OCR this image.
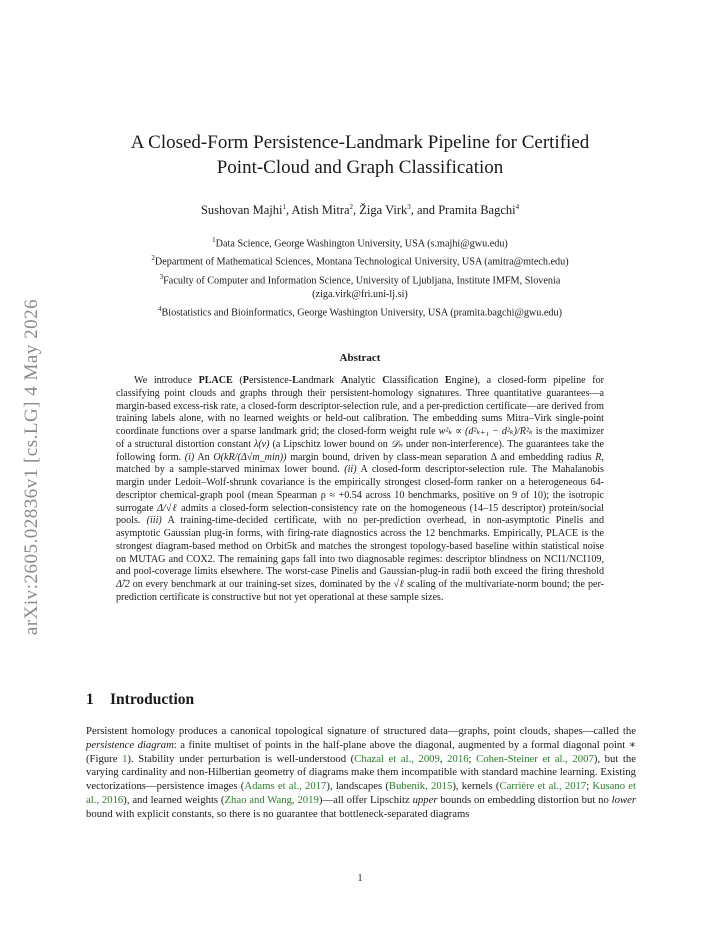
arXiv:2605.02836v1 [cs.LG] 4 May 2026
A Closed-Form Persistence-Landmark Pipeline for Certified
Point-Cloud and Graph Classification
Sushovan Majhi$^1$, Atish Mitra$^2$, Žiga Virk$^3$, and Pramita Bagchi$^4$
$^1$Data Science, George Washington University, USA (s.majhi@gwu.edu)
$^2$Department of Mathematical Sciences, Montana Technological University, USA (amitra@mtech.edu)
$^3$Faculty of Computer and Information Science, University of Ljubljana, Institute IMFM, Slovenia
(ziga.virk@fri.uni-lj.si)
$^4$Biostatistics and Bioinformatics, George Washington University, USA (pramita.bagchi@gwu.edu)
Abstract

We introduce PLACE (Persistence-Landmark Analytic Classification Engine), a closed-form pipeline for classifying point clouds and graphs through their persistent-homology signatures. Three quantitative guarantees—a margin-based excess-risk rate, a closed-form descriptor-selection rule, and a per-prediction certificate—are derived from training labels alone, with no learned weights or held-out calibration. The embedding sums Mitra–Virk single-point coordinate functions over a sparse landmark grid; the closed-form weight rule w²ₖ ∝ (d²ₖ₊₁ − d²ₖ)/R²ₖ is the maximizer of a structural distortion constant λ(ν) (a Lipschitz lower bound on 𝒟ₙ under non-interference). The guarantees take the following form. (i) An O(kR/(Δ√m_min)) margin bound, driven by class-mean separation Δ and embedding radius R, matched by a sample-starved minimax lower bound. (ii) A closed-form descriptor-selection rule. The Mahalanobis margin under Ledoit–Wolf-shrunk covariance is the empirically strongest closed-form ranker on a heterogeneous 64-descriptor chemical-graph pool (mean Spearman ρ ≈ +0.54 across 10 benchmarks, positive on 9 of 10); the isotropic surrogate Δ/√ℓ admits a closed-form selection-consistency rate on the homogeneous (14–15 descriptor) protein/social pools. (iii) A training-time-decided certificate, with no per-prediction overhead, in non-asymptotic Pinelis and asymptotic Gaussian plug-in forms, with firing-rate diagnostics across the 12 benchmarks. Empirically, PLACE is the strongest diagram-based method on Orbit5k and matches the strongest topology-based baseline within statistical noise on MUTAG and COX2. The remaining gaps fall into two diagnosable regimes: descriptor blindness on NCI1/NCI109, and pool-coverage limits elsewhere. The worst-case Pinelis and Gaussian-plug-in radii both exceed the firing threshold Δ̂/2 on every benchmark at our training-set sizes, dominated by the √ℓ scaling of the multivariate-norm bound; the per-prediction certificate is constructive but not yet operational at these sample sizes.

1 Introduction

Persistent homology produces a canonical topological signature of structured data—graphs, point clouds, shapes—called the persistence diagram: a finite multiset of points in the half-plane above the diagonal, augmented by a formal diagonal point ∗ (Figure 1). Stability under perturbation is well-understood (Chazal et al., 2009, 2016; Cohen-Steiner et al., 2007), but the varying cardinality and non-Hilbertian geometry of diagrams make them incompatible with standard machine learning. Existing vectorizations—persistence images (Adams et al., 2017), landscapes (Bubenik, 2015), kernels (Carrière et al., 2017; Kusano et al., 2016), and learned weights (Zhao and Wang, 2019)—all offer Lipschitz upper bounds on embedding distortion but no lower bound with explicit constants, so there is no guarantee that bottleneck-separated diagrams

1
